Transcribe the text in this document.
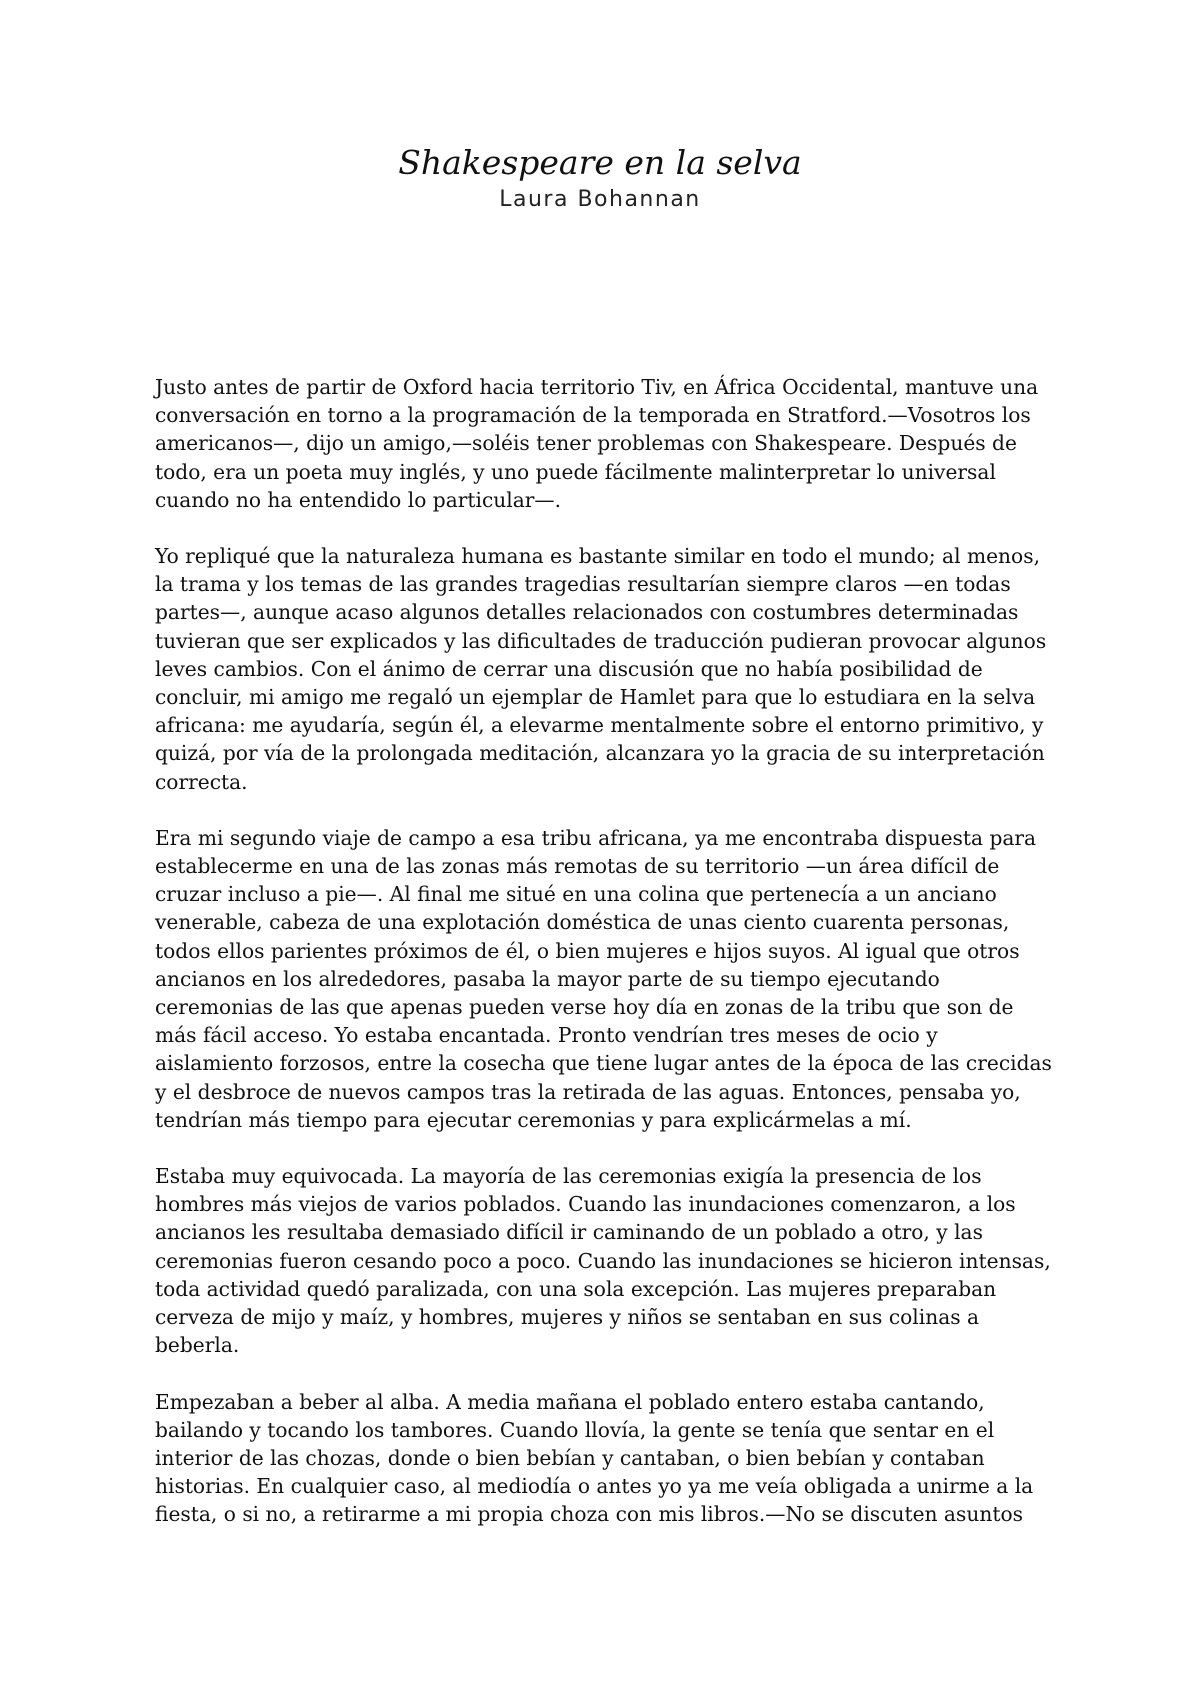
Shakespeare en la selva
Laura Bohannan

Justo antes de partir de Oxford hacia territorio Tiv, en África Occidental, mantuve una conversación en torno a la programación de la temporada en Stratford.—Vosotros los americanos—, dijo un amigo,—soléis tener problemas con Shakespeare. Después de todo, era un poeta muy inglés, y uno puede fácilmente malinterpretar lo universal cuando no ha entendido lo particular—.

Yo repliqué que la naturaleza humana es bastante similar en todo el mundo; al menos, la trama y los temas de las grandes tragedias resultarían siempre claros —en todas partes—, aunque acaso algunos detalles relacionados con costumbres determinadas tuvieran que ser explicados y las dificultades de traducción pudieran provocar algunos leves cambios. Con el ánimo de cerrar una discusión que no había posibilidad de concluir, mi amigo me regaló un ejemplar de Hamlet para que lo estudiara en la selva africana: me ayudaría, según él, a elevarme mentalmente sobre el entorno primitivo, y quizá, por vía de la prolongada meditación, alcanzara yo la gracia de su interpretación correcta.

Era mi segundo viaje de campo a esa tribu africana, ya me encontraba dispuesta para establecerme en una de las zonas más remotas de su territorio —un área difícil de cruzar incluso a pie—. Al final me situé en una colina que pertenecía a un anciano venerable, cabeza de una explotación doméstica de unas ciento cuarenta personas, todos ellos parientes próximos de él, o bien mujeres e hijos suyos. Al igual que otros ancianos en los alrededores, pasaba la mayor parte de su tiempo ejecutando ceremonias de las que apenas pueden verse hoy día en zonas de la tribu que son de más fácil acceso. Yo estaba encantada. Pronto vendrían tres meses de ocio y aislamiento forzosos, entre la cosecha que tiene lugar antes de la época de las crecidas y el desbroce de nuevos campos tras la retirada de las aguas. Entonces, pensaba yo, tendrían más tiempo para ejecutar ceremonias y para explicármelas a mí.

Estaba muy equivocada. La mayoría de las ceremonias exigía la presencia de los hombres más viejos de varios poblados. Cuando las inundaciones comenzaron, a los ancianos les resultaba demasiado difícil ir caminando de un poblado a otro, y las ceremonias fueron cesando poco a poco. Cuando las inundaciones se hicieron intensas, toda actividad quedó paralizada, con una sola excepción. Las mujeres preparaban cerveza de mijo y maíz, y hombres, mujeres y niños se sentaban en sus colinas a beberla.

Empezaban a beber al alba. A media mañana el poblado entero estaba cantando, bailando y tocando los tambores. Cuando llovía, la gente se tenía que sentar en el interior de las chozas, donde o bien bebían y cantaban, o bien bebían y contaban historias. En cualquier caso, al mediodía o antes yo ya me veía obligada a unirme a la fiesta, o si no, a retirarme a mi propia choza con mis libros.—No se discuten asuntos
